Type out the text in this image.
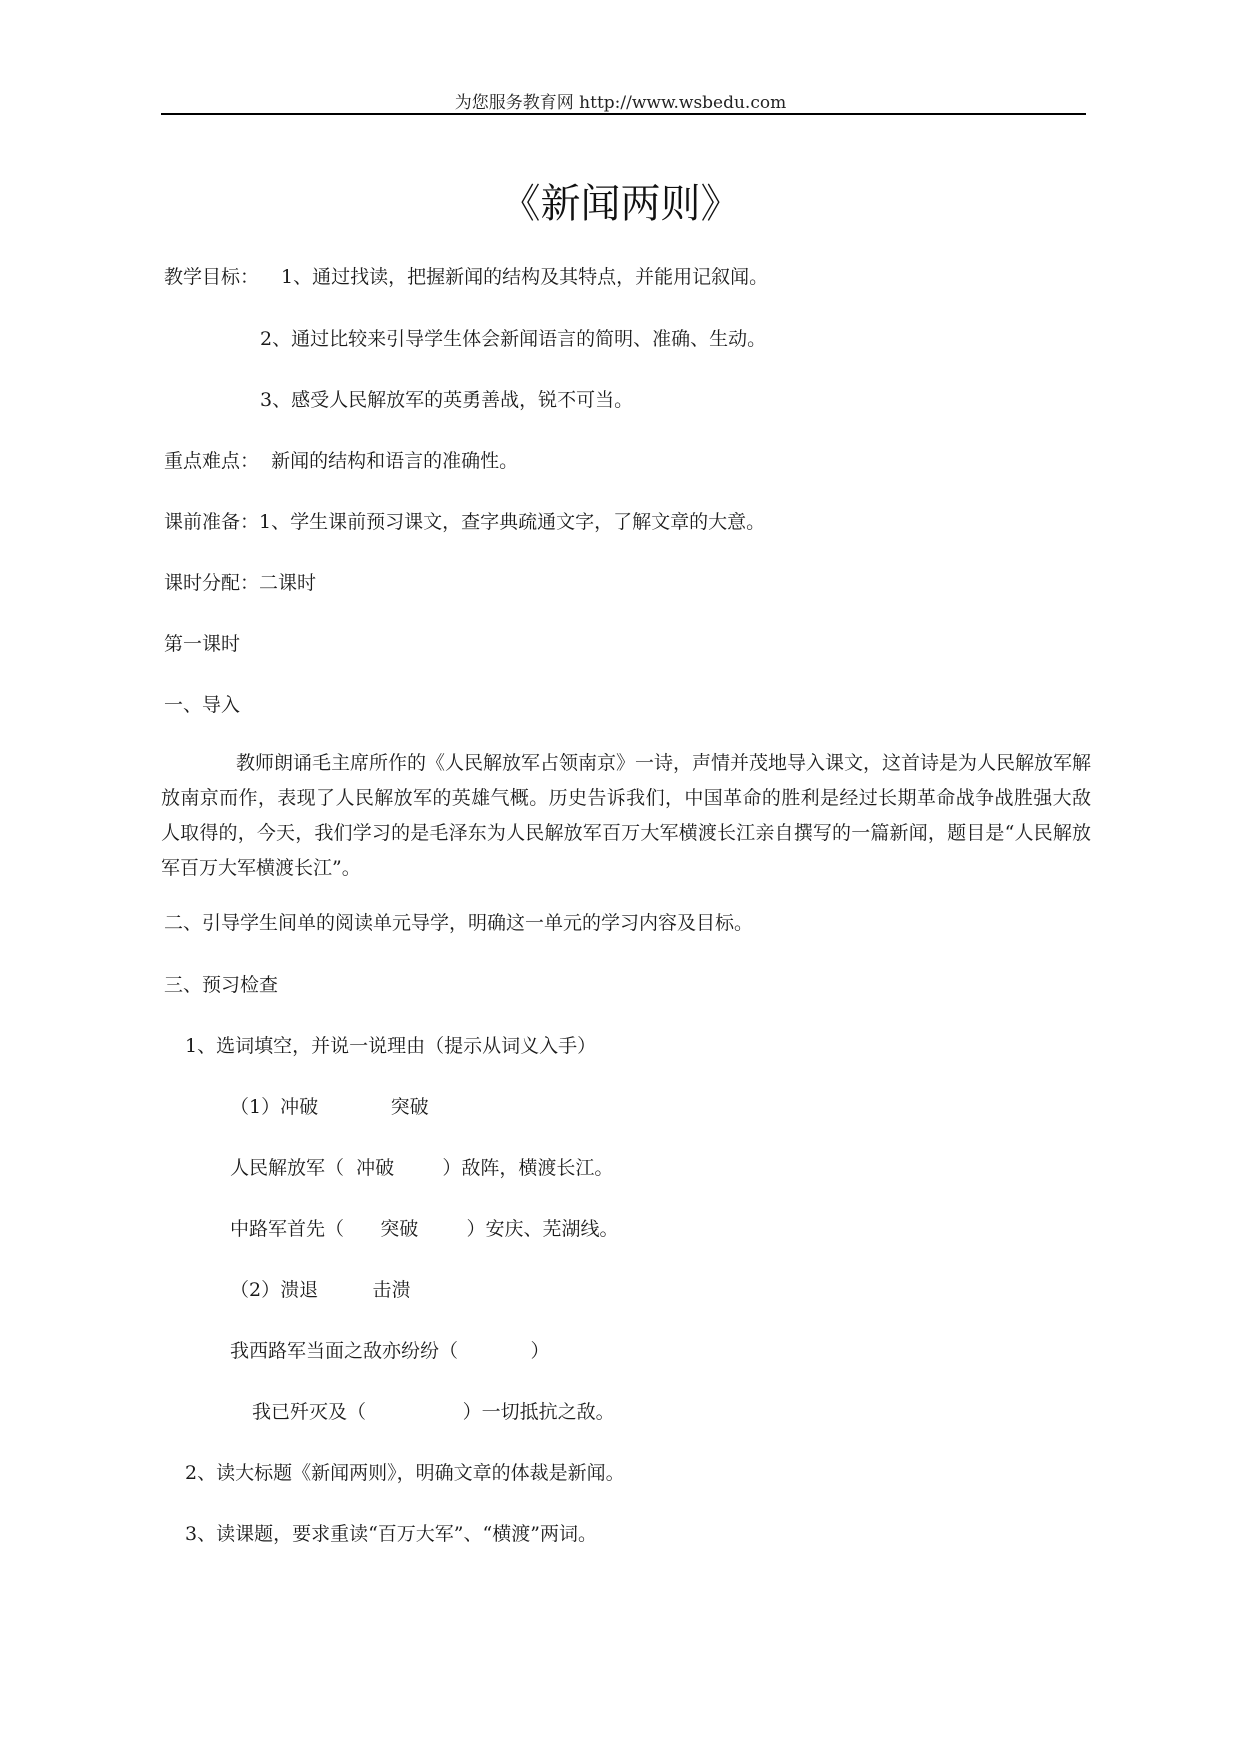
为您服务教育网 http://www.wsbedu.com
《新闻两则》
教学目标： 1、通过找读，把握新闻的结构及其特点，并能用记叙闻。
2、通过比较来引导学生体会新闻语言的简明、准确、生动。
3、感受人民解放军的英勇善战，锐不可当。
重点难点：  新闻的结构和语言的准确性。
课前准备：1、学生课前预习课文，查字典疏通文字，了解文章的大意。
课时分配：二课时
第一课时
一、导入
教师朗诵毛主席所作的《人民解放军占领南京》一诗，声情并茂地导入课文，这首诗是为人民解放军解放南京而作，表现了人民解放军的英雄气概。历史告诉我们，中国革命的胜利是经过长期革命战争战胜强大敌人取得的，今天，我们学习的是毛泽东为人民解放军百万大军横渡长江亲自撰写的一篇新闻，题目是“人民解放军百万大军横渡长江”。
二、引导学生间单的阅读单元导学，明确这一单元的学习内容及目标。
三、预习检查
1、选词填空，并说一说理由（提示从词义入手）
（1）冲破            突破
人民解放军（  冲破        ）敌阵，横渡长江。
中路军首先（      突破        ）安庆、芜湖线。
（2）溃退         击溃
我西路军当面之敌亦纷纷（            ）
我已歼灭及（                ）一切抵抗之敌。
2、读大标题《新闻两则》，明确文章的体裁是新闻。
3、读课题，要求重读“百万大军”、“横渡”两词。
